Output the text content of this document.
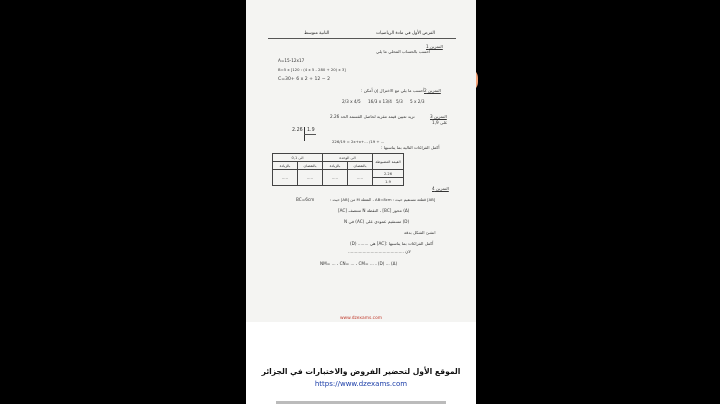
الفرض الأول في مادة الرياضيات
الثانية متوسط
التمرين 1
أحسب بالحساب المحلي ما يلي
A=15-12x17
B=5 x [120 : (4 x 5 - 280 + 20) x 3]
C=30+ 6 x 2 + 12 − 2
التمرين 2
أحسب ما يلي مع الاختزال إن أمكن :
2/3 x 4/5 16/3 x 13/4 5/3 5 x 2/3
التمرين 3
تريد تعيين قيمة مقربة لحاصل القسمة الحد 2.26
على 1,9
2.26 1.9
226/19 = 2x+x+... /19 + ...
أكمل الفراغات التالية بما يناسبها :
الى 0,1		الى الوحدة		القيمة المضبوطة
بالزيادة	بالنقصان	بالزيادة	بالنقصان	
.....	.....	.....	.....	2.26
				1.9
التمرين 4
BC=6cm	[AB] قطعة مستقيم حيث : AB=8cm ، النقطة M من [AB] حيث :
(Δ) محور [BC] ، النقطة N منتصف [AC]
(D) مستقيم عمودي على (AC) في N
انشئ الشكل بدقة
أكمل الفراغات بما يناسبها :
[AC] هي ........ (D)
لان ..........................................
NM= ... ، CN= ... ، CM= ... ، (D) ... (Δ)
www.dzexams.com
الموقع الأول لتحضير الفروض والاختبارات في الجزائر
https://www.dzexams.com
